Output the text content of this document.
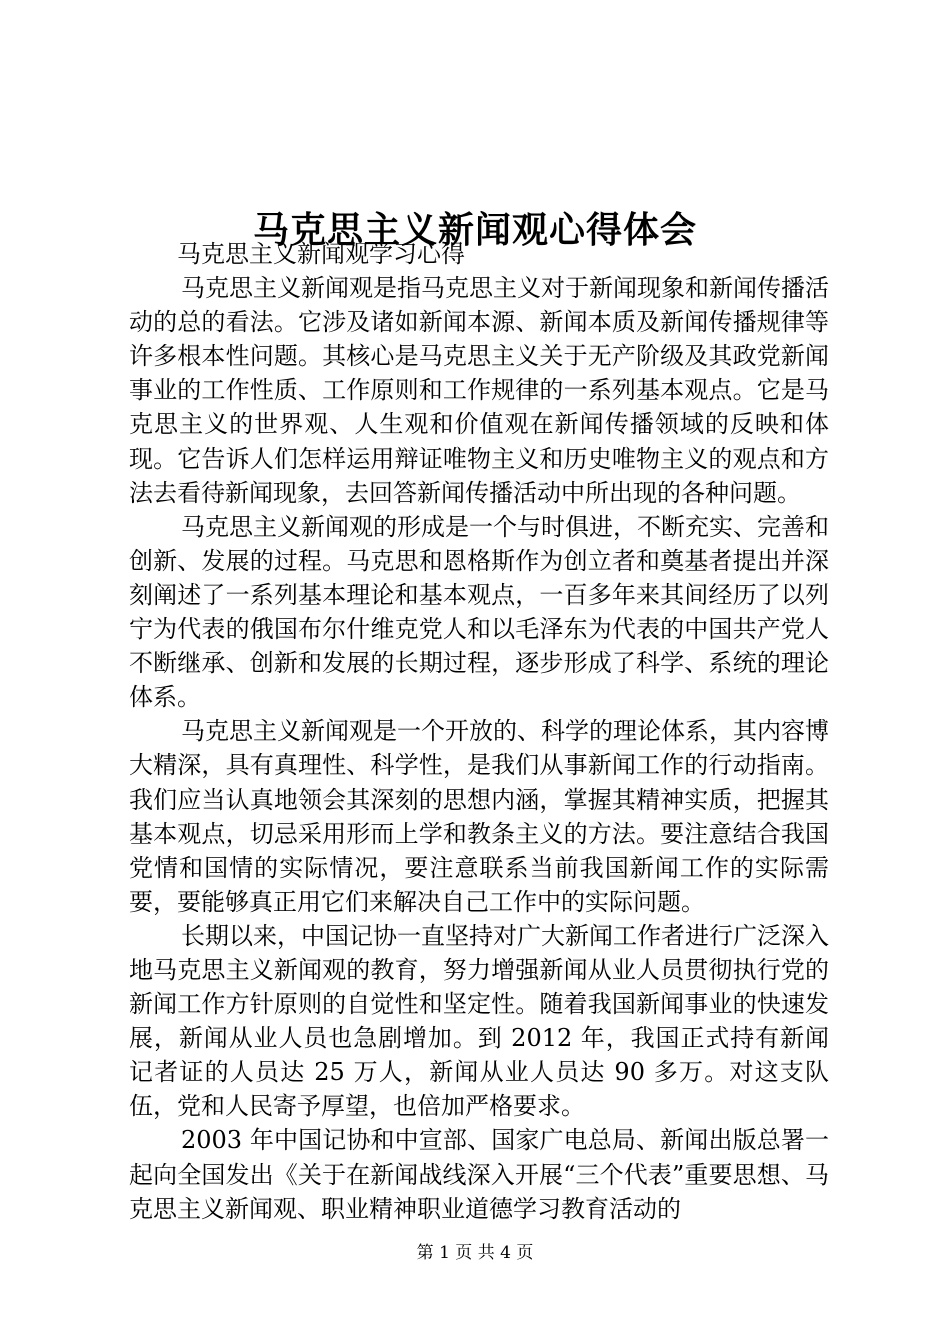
马克思主义新闻观心得体会

马克思主义新闻观学习心得

马克思主义新闻观是指马克思主义对于新闻现象和新闻传播活动的总的看法。它涉及诸如新闻本源、新闻本质及新闻传播规律等许多根本性问题。其核心是马克思主义关于无产阶级及其政党新闻事业的工作性质、工作原则和工作规律的一系列基本观点。它是马克思主义的世界观、人生观和价值观在新闻传播领域的反映和体现。它告诉人们怎样运用辩证唯物主义和历史唯物主义的观点和方法去看待新闻现象，去回答新闻传播活动中所出现的各种问题。

马克思主义新闻观的形成是一个与时俱进，不断充实、完善和创新、发展的过程。马克思和恩格斯作为创立者和奠基者提出并深刻阐述了一系列基本理论和基本观点，一百多年来其间经历了以列宁为代表的俄国布尔什维克党人和以毛泽东为代表的中国共产党人不断继承、创新和发展的长期过程，逐步形成了科学、系统的理论体系。

马克思主义新闻观是一个开放的、科学的理论体系，其内容博大精深，具有真理性、科学性，是我们从事新闻工作的行动指南。我们应当认真地领会其深刻的思想内涵，掌握其精神实质，把握其基本观点，切忌采用形而上学和教条主义的方法。要注意结合我国党情和国情的实际情况，要注意联系当前我国新闻工作的实际需要，要能够真正用它们来解决自己工作中的实际问题。

长期以来，中国记协一直坚持对广大新闻工作者进行广泛深入地马克思主义新闻观的教育，努力增强新闻从业人员贯彻执行党的新闻工作方针原则的自觉性和坚定性。随着我国新闻事业的快速发展，新闻从业人员也急剧增加。到 2012 年，我国正式持有新闻记者证的人员达 25 万人，新闻从业人员达 90 多万。对这支队伍，党和人民寄予厚望，也倍加严格要求。

2003 年中国记协和中宣部、国家广电总局、新闻出版总署一起向全国发出《关于在新闻战线深入开展“三个代表”重要思想、马克思主义新闻观、职业精神职业道德学习教育活动的

第 1 页 共 4 页
